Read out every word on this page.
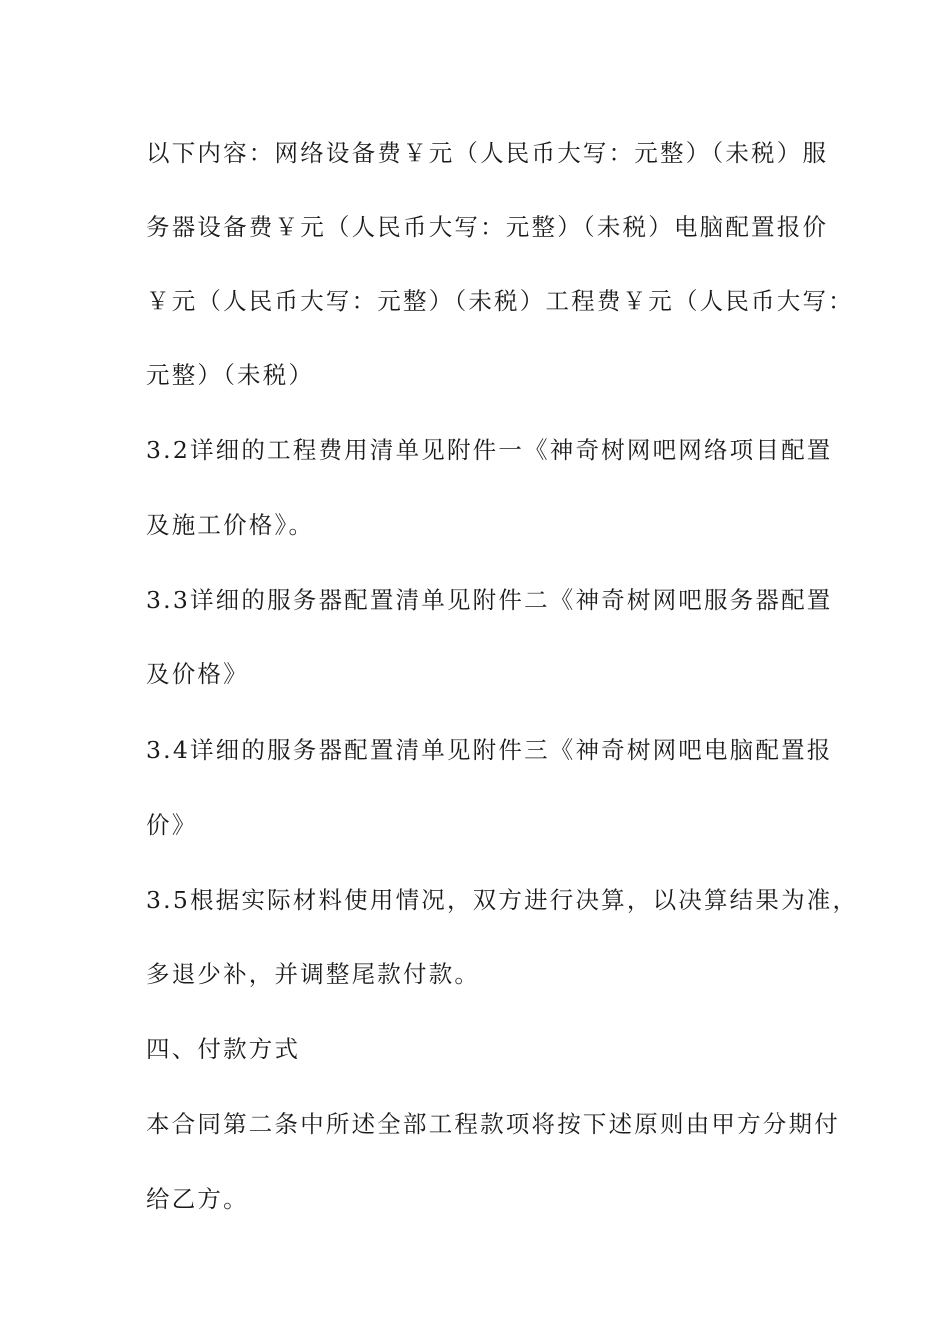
以下内容：网络设备费￥元（人民币大写：元整）（未税）服
务器设备费￥元（人民币大写：元整）（未税）电脑配置报价
￥元（人民币大写：元整）（未税）工程费￥元（人民币大写：
元整）（未税）
3.2详细的工程费用清单见附件一《神奇树网吧网络项目配置
及施工价格》。
3.3详细的服务器配置清单见附件二《神奇树网吧服务器配置
及价格》
3.4详细的服务器配置清单见附件三《神奇树网吧电脑配置报
价》
3.5根据实际材料使用情况，双方进行决算，以决算结果为准，
多退少补，并调整尾款付款。
四、付款方式
本合同第二条中所述全部工程款项将按下述原则由甲方分期付
给乙方。
